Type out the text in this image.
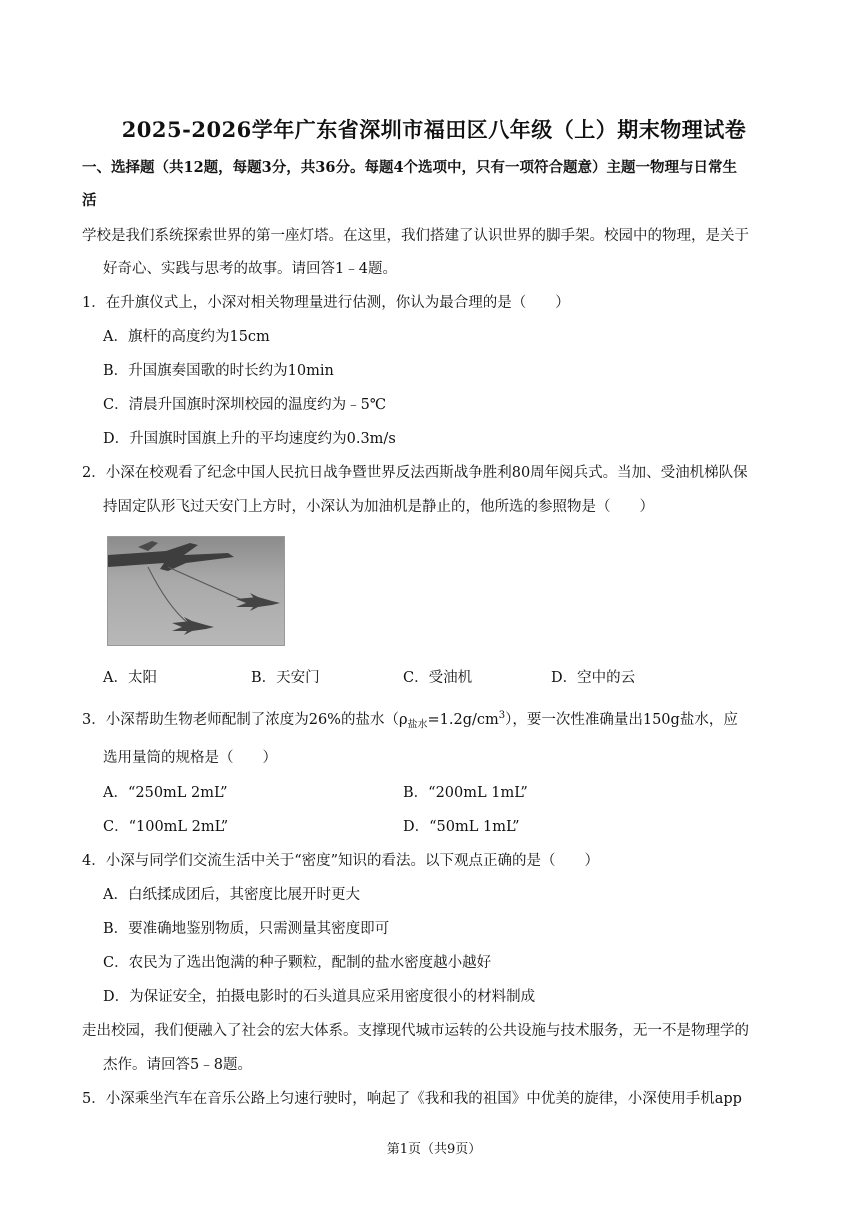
2025-2026学年广东省深圳市福田区八年级（上）期末物理试卷
一、选择题（共12题，每题3分，共36分。每题4个选项中，只有一项符合题意）主题一物理与日常生
活
学校是我们系统探索世界的第一座灯塔。在这里，我们搭建了认识世界的脚手架。校园中的物理，是关于
好奇心、实践与思考的故事。请回答1﹣4题。
1．在升旗仪式上，小深对相关物理量进行估测，你认为最合理的是（　　）
A．旗杆的高度约为15cm
B．升国旗奏国歌的时长约为10min
C．清晨升国旗时深圳校园的温度约为﹣5℃
D．升国旗时国旗上升的平均速度约为0.3m/s
2．小深在校观看了纪念中国人民抗日战争暨世界反法西斯战争胜利80周年阅兵式。当加、受油机梯队保
持固定队形飞过天安门上方时，小深认为加油机是静止的，他所选的参照物是（　　）
A．太阳	B．天安门	C．受油机	D．空中的云
3．小深帮助生物老师配制了浓度为26%的盐水$(\rho_{盐水}=1.2g/cm^3)$，要一次性准确量出150g盐水，应
选用量筒的规格是（　　）
A．“250mL 2mL”	B．“200mL 1mL”
C．“100mL 2mL”	D．“50mL 1mL”
4．小深与同学们交流生活中关于“密度”知识的看法。以下观点正确的是（　　）
A．白纸揉成团后，其密度比展开时更大
B．要准确地鉴别物质，只需测量其密度即可
C．农民为了选出饱满的种子颗粒，配制的盐水密度越小越好
D．为保证安全，拍摄电影时的石头道具应采用密度很小的材料制成
走出校园，我们便融入了社会的宏大体系。支撑现代城市运转的公共设施与技术服务，无一不是物理学的
杰作。请回答5﹣8题。
5．小深乘坐汽车在音乐公路上匀速行驶时，响起了《我和我的祖国》中优美的旋律，小深使用手机app
第1页（共9页）
